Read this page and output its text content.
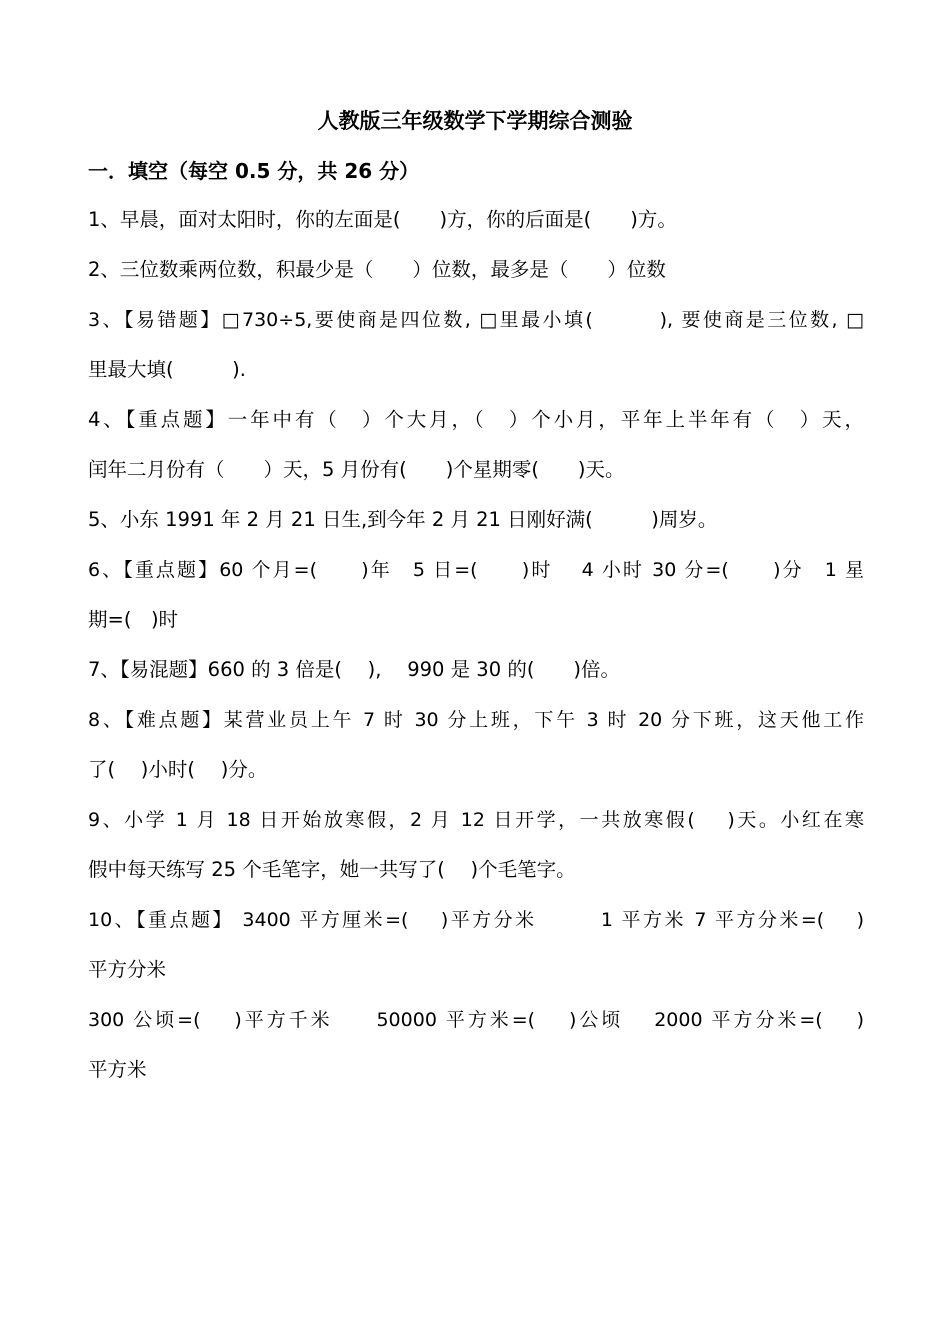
人教版三年级数学下学期综合测验
一．填空（每空 0.5 分，共 26 分）
1、早晨，面对太阳时，你的左面是(　　)方，你的后面是(　　)方。
2、三位数乘两位数，积最少是（　　）位数，最多是（　　）位数
3、【易错题】□730÷5,要使商是四位数, □里最小填(　　　), 要使商是三位数, □
里最大填(　　　).
4、【重点题】一年中有（　）个大月，（　）个小月，平年上半年有（　）天，
闰年二月份有（　　）天，5 月份有(　　)个星期零(　　)天。
5、小东 1991 年 2 月 21 日生,到今年 2 月 21 日刚好满(　　　)周岁。
6、【重点题】60 个月=(　　)年　5 日=(　　)时　 4 小时 30 分=(　　)分　1 星
期=(　)时
7、【易混题】660 的 3 倍是(　 ),　 990 是 30 的(　　)倍。
8、【难点题】某营业员上午 7 时 30 分上班，下午 3 时 20 分下班，这天他工作
了(　 )小时(　 )分。
9、小学 1 月 18 日开始放寒假，2 月 12 日开学，一共放寒假(　 )天。小红在寒
假中每天练写 25 个毛笔字，她一共写了(　 )个毛笔字。
10、【重点题】 3400 平方厘米=(　 )平方分米　　　1 平方米 7 平方分米=(　 )
平方分米
300 公顷=(　 )平方千米　　50000 平方米=(　 )公顷　 2000 平方分米=(　 )
平方米
